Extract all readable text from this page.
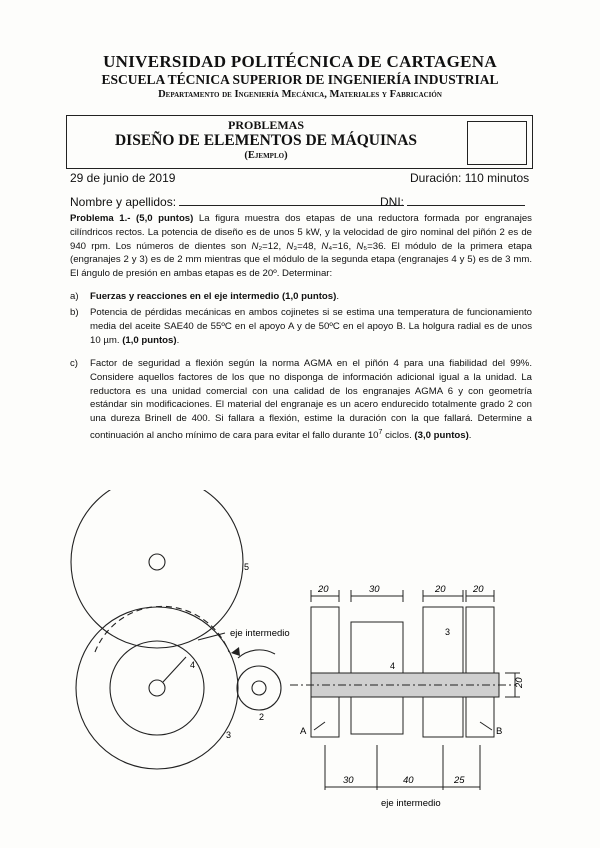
UNIVERSIDAD POLITÉCNICA DE CARTAGENA
ESCUELA TÉCNICA SUPERIOR DE INGENIERÍA INDUSTRIAL
Departamento de Ingeniería Mecánica, Materiales y Fabricación
PROBLEMAS
DISEÑO DE ELEMENTOS DE MÁQUINAS
(Ejemplo)
29 de junio de 2019	Duración: 110 minutos
Nombre y apellidos:	DNI:
Problema 1.- (5,0 puntos) La figura muestra dos etapas de una reductora formada por engranajes cilíndricos rectos. La potencia de diseño es de unos 5 kW, y la velocidad de giro nominal del piñón 2 es de 940 rpm. Los números de dientes son N₂=12, N₃=48, N₄=16, N₅=36. El módulo de la primera etapa (engranajes 2 y 3) es de 2 mm mientras que el módulo de la segunda etapa (engranajes 4 y 5) es de 3 mm. El ángulo de presión en ambas etapas es de 20º. Determinar:
a) Fuerzas y reacciones en el eje intermedio (1,0 puntos).
b) Potencia de pérdidas mecánicas en ambos cojinetes si se estima una temperatura de funcionamiento media del aceite SAE40 de 55ºC en el apoyo A y de 50ºC en el apoyo B. La holgura radial es de unos 10 µm. (1,0 puntos).
c) Factor de seguridad a flexión según la norma AGMA en el piñón 4 para una fiabilidad del 99%. Considere aquellos factores de los que no disponga de información adicional igual a la unidad. La reductora es una unidad comercial con una calidad de los engranajes AGMA 6 y con geometría estándar sin modificaciones. El material del engranaje es un acero endurecido totalmente grado 2 con una dureza Brinell de 400. Si fallara a flexión, estime la duración con la que fallará. Determine a continuación al ancho mínimo de cara para evitar el fallo durante $10^7$ ciclos. (3,0 puntos).
5
4
3
2
eje intermedio
20	30	20	20
30	40	25
20
A	B
3
4
eje intermedio
